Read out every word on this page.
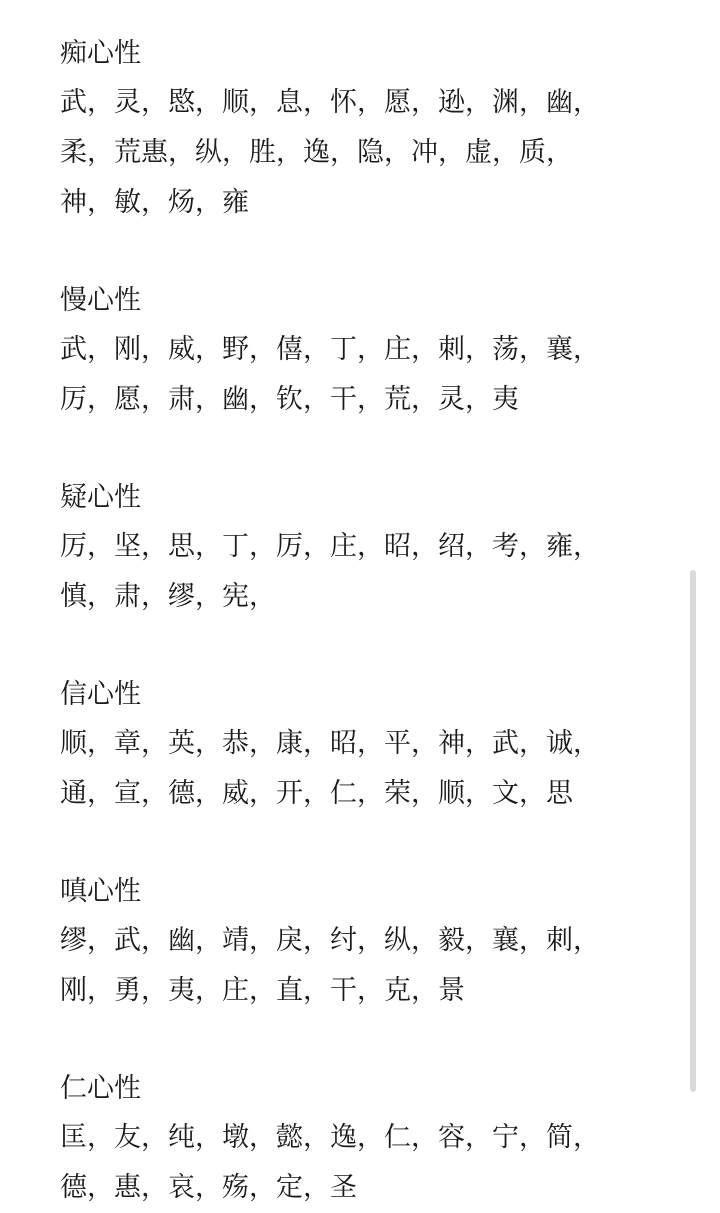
痴心性
武，灵，愍，顺，息，怀，愿，逊，渊，幽，
柔，荒惠，纵，胜，逸，隐，冲，虚，质，
神，敏，炀，雍
慢心性
武，刚，威，野，僖，丁，庄，刺，荡，襄，
厉，愿，肃，幽，钦，干，荒，灵，夷
疑心性
厉，坚，思，丁，厉，庄，昭，绍，考，雍，
慎，肃，缪，宪，
信心性
顺，章，英，恭，康，昭，平，神，武，诚，
通，宣，德，威，开，仁，荣，顺，文，思
嗔心性
缪，武，幽，靖，戾，纣，纵，毅，襄，刺，
刚，勇，夷，庄，直，干，克，景
仁心性
匡，友，纯，墩，懿，逸，仁，容，宁，简，
德，惠，哀，殇，定，圣
